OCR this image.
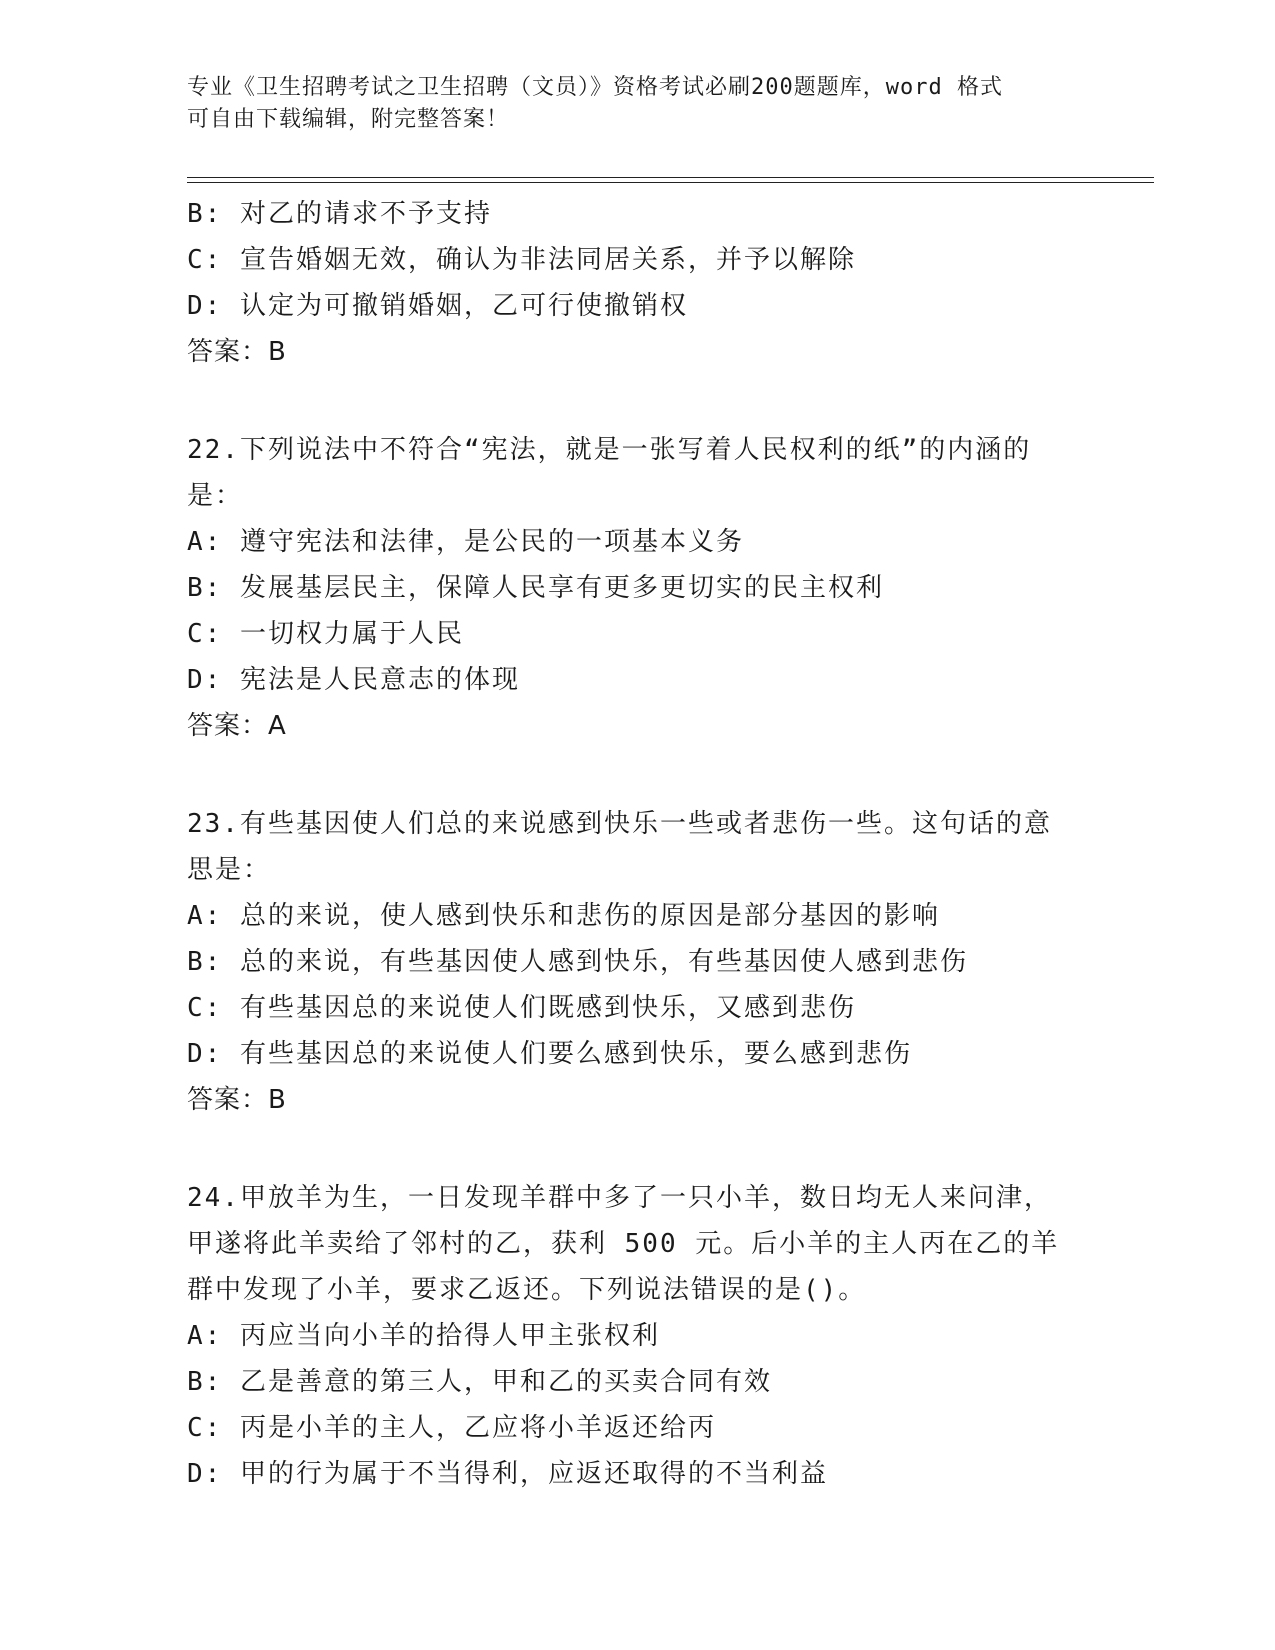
专业《卫生招聘考试之卫生招聘（文员）》资格考试必刷200题题库，word 格式
可自由下载编辑，附完整答案！
B: 对乙的请求不予支持
C: 宣告婚姻无效，确认为非法同居关系，并予以解除
D: 认定为可撤销婚姻，乙可行使撤销权
答案：B
22.下列说法中不符合“宪法，就是一张写着人民权利的纸”的内涵的
是：
A: 遵守宪法和法律，是公民的一项基本义务
B: 发展基层民主，保障人民享有更多更切实的民主权利
C: 一切权力属于人民
D: 宪法是人民意志的体现
答案：A
23.有些基因使人们总的来说感到快乐一些或者悲伤一些。这句话的意
思是：
A: 总的来说，使人感到快乐和悲伤的原因是部分基因的影响
B: 总的来说，有些基因使人感到快乐，有些基因使人感到悲伤
C: 有些基因总的来说使人们既感到快乐，又感到悲伤
D: 有些基因总的来说使人们要么感到快乐，要么感到悲伤
答案：B
24.甲放羊为生，一日发现羊群中多了一只小羊，数日均无人来问津，
甲遂将此羊卖给了邻村的乙，获利 500 元。后小羊的主人丙在乙的羊
群中发现了小羊，要求乙返还。下列说法错误的是()。
A: 丙应当向小羊的拾得人甲主张权利
B: 乙是善意的第三人，甲和乙的买卖合同有效
C: 丙是小羊的主人，乙应将小羊返还给丙
D: 甲的行为属于不当得利，应返还取得的不当利益
